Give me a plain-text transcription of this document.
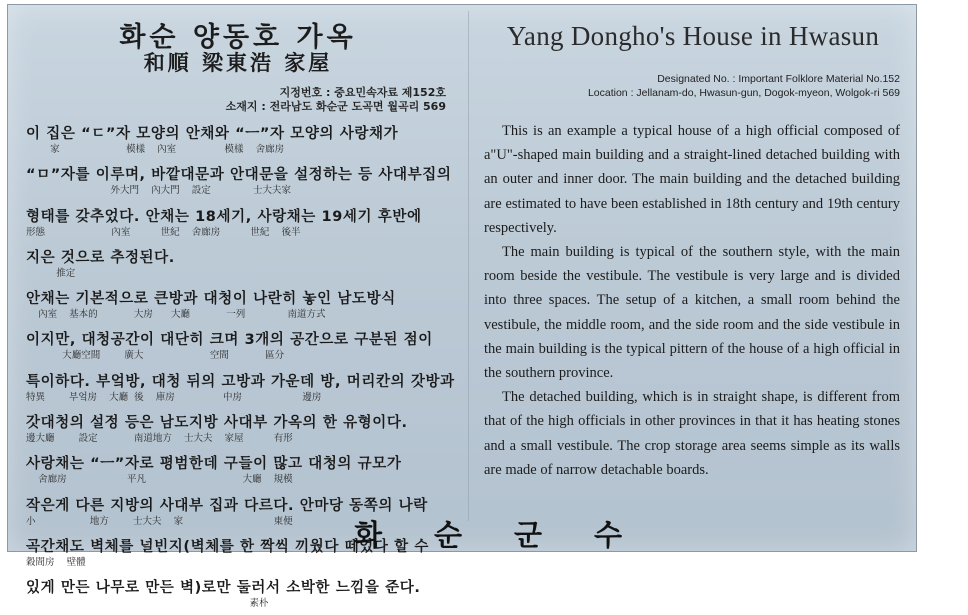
화순 양동호 가옥
和順 梁東浩 家屋
지정번호 : 중요민속자료 제152호
소재지 : 전라남도 화순군 도곡면 월곡리 569
이 집은 “ㄷ”자 모양의 안채와 “ㅡ”자 모양의 사랑채가
家                      模樣    內室                模樣    舍廊房
“ㅁ”자를 이루며, 바깥대문과 안대문을 설정하는 등 사대부집의
外大門    內大門    設定              士大夫家
형태를 갖추었다. 안채는 18세기, 사랑채는 19세기 후반에
形態                      內室          世紀    舍廊房          世紀    後半
지은 것으로 추정된다.
推定
안채는 기본적으로 큰방과 대청이 나란히 놓인 남도방식
內室    基本的            大房      大廳            一列              南道方式
이지만, 대청공간이 대단히 크며 3개의 공간으로 구분된 점이
大廳空間        廣大                      空間            區分
특이하다. 부엌방, 대청 뒤의 고방과 가운데 방, 머리칸의 갓방과
特異        부엌房    大廳  後    庫房                中房                    邊房
갓대청의 설정 등은 남도지방 사대부 가옥의 한 유형이다.
邊大廳        設定            南道地方    士大夫    家屋          有形
사랑채는 “ㅡ”자로 평범한데 구들이 많고 대청의 규모가
舍廊房                    平凡                                大廳    規模
작은게 다른 지방의 사대부 집과 다르다. 안마당 동쪽의 나락
小                  地方        士大夫    家                              東便
곡간채도 벽체를 널빈지(벽체를 한 짝씩 끼웠다 떼었다 할 수
穀間房    壁體
있게 만든 나무로 만든 벽)로만 둘러서 소박한 느낌을 준다.
素朴
Yang Dongho's House in Hwasun
Designated No. : Important Folklore Material No.152
Location : Jellanam-do, Hwasun-gun, Dogok-myeon, Wolgok-ri 569

This is an example a typical house of a high official composed of a"U"-shaped main building and a straight-lined detached building with an outer and inner door. The main building and the detached building are estimated to have been established in 18th century and 19th century respectively.

The main building is typical of the southern style, with the main room beside the vestibule. The vestibule is very large and is divided into three spaces. The setup of a kitchen, a small room behind the vestibule, the middle room, and the side room and the side vestibule in the main building is the typical pittern of the house of a high official in the southern province.

The detached building, which is in straight shape, is different from that of the high officials in other provinces in that it has heating stones and a small vestibule. The crop storage area seems simple as its walls are made of narrow detachable boards.

화순군수
